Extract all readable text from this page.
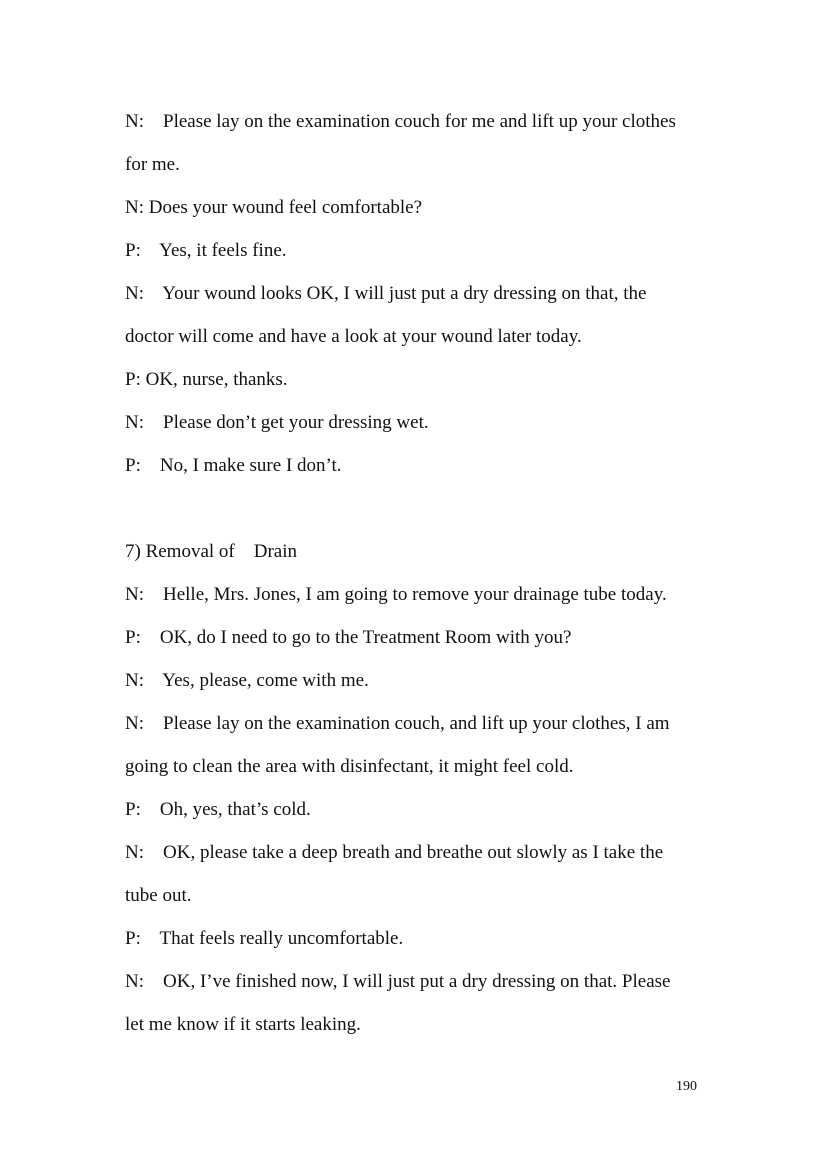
N:    Please lay on the examination couch for me and lift up your clothes
for me.
N: Does your wound feel comfortable?
P:    Yes, it feels fine.
N:    Your wound looks OK, I will just put a dry dressing on that, the
doctor will come and have a look at your wound later today.
P: OK, nurse, thanks.
N:    Please don’t get your dressing wet.
P:    No, I make sure I don’t.
7) Removal of    Drain
N:    Helle, Mrs. Jones, I am going to remove your drainage tube today.
P:    OK, do I need to go to the Treatment Room with you?
N:    Yes, please, come with me.
N:    Please lay on the examination couch, and lift up your clothes, I am
going to clean the area with disinfectant, it might feel cold.
P:    Oh, yes, that’s cold.
N:    OK, please take a deep breath and breathe out slowly as I take the
tube out.
P:    That feels really uncomfortable.
N:    OK, I’ve finished now, I will just put a dry dressing on that. Please
let me know if it starts leaking.
190
